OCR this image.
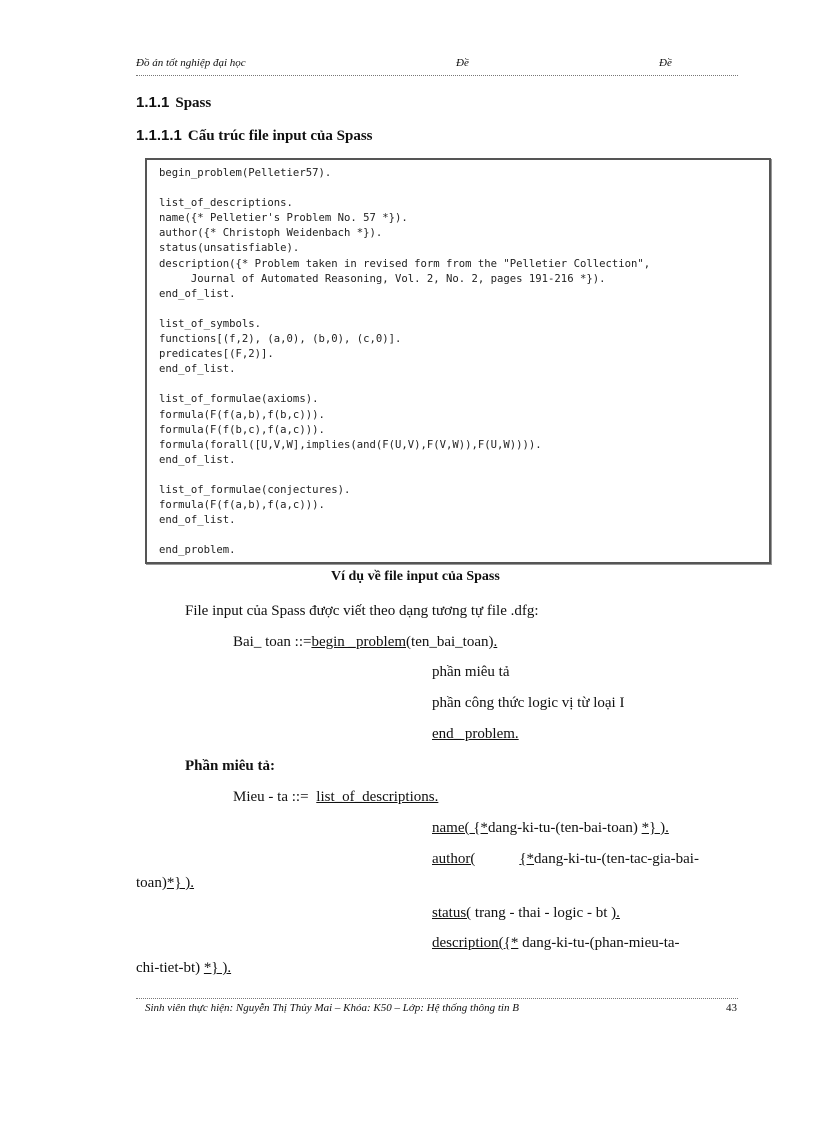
Đồ án tốt nghiệp đại học	Đề	Đề
1.1.1 Spass
1.1.1.1 Cấu trúc file input của Spass
begin_problem(Pelletier57).

list_of_descriptions.
name({* Pelletier's Problem No. 57 *}).
author({* Christoph Weidenbach *}).
status(unsatisfiable).
description({* Problem taken in revised form from the "Pelletier Collection",
Journal of Automated Reasoning, Vol. 2, No. 2, pages 191-216 *}).
end_of_list.

list_of_symbols.
functions[(f,2), (a,0), (b,0), (c,0)].
predicates[(F,2)].
end_of_list.

list_of_formulae(axioms).
formula(F(f(a,b),f(b,c))).
formula(F(f(b,c),f(a,c))).
formula(forall([U,V,W],implies(and(F(U,V),F(V,W)),F(U,W)))).
end_of_list.

list_of_formulae(conjectures).
formula(F(f(a,b),f(a,c))).
end_of_list.

end_problem.
Ví dụ về file input của Spass
File input của Spass được viết theo dạng tương tự file .dfg:
Bai_ toan ::=begin _problem(ten_bai_toan).
phần miêu tả
phần công thức logic vị từ loại I
end_ problem.
Phần miêu tả:
Mieu - ta ::= list_of_descriptions.
name( {*dang-ki-tu-(ten-bai-toan) *} ).
author(	{*dang-ki-tu-(ten-tac-gia-bai-
toan)*} ).
status( trang - thai - logic - bt ).
description({* dang-ki-tu-(phan-mieu-ta-
chi-tiet-bt) *} ).
Sinh viên thực hiện: Nguyễn Thị Thủy Mai – Khóa: K50 – Lớp: Hệ thống thông tin B	43
